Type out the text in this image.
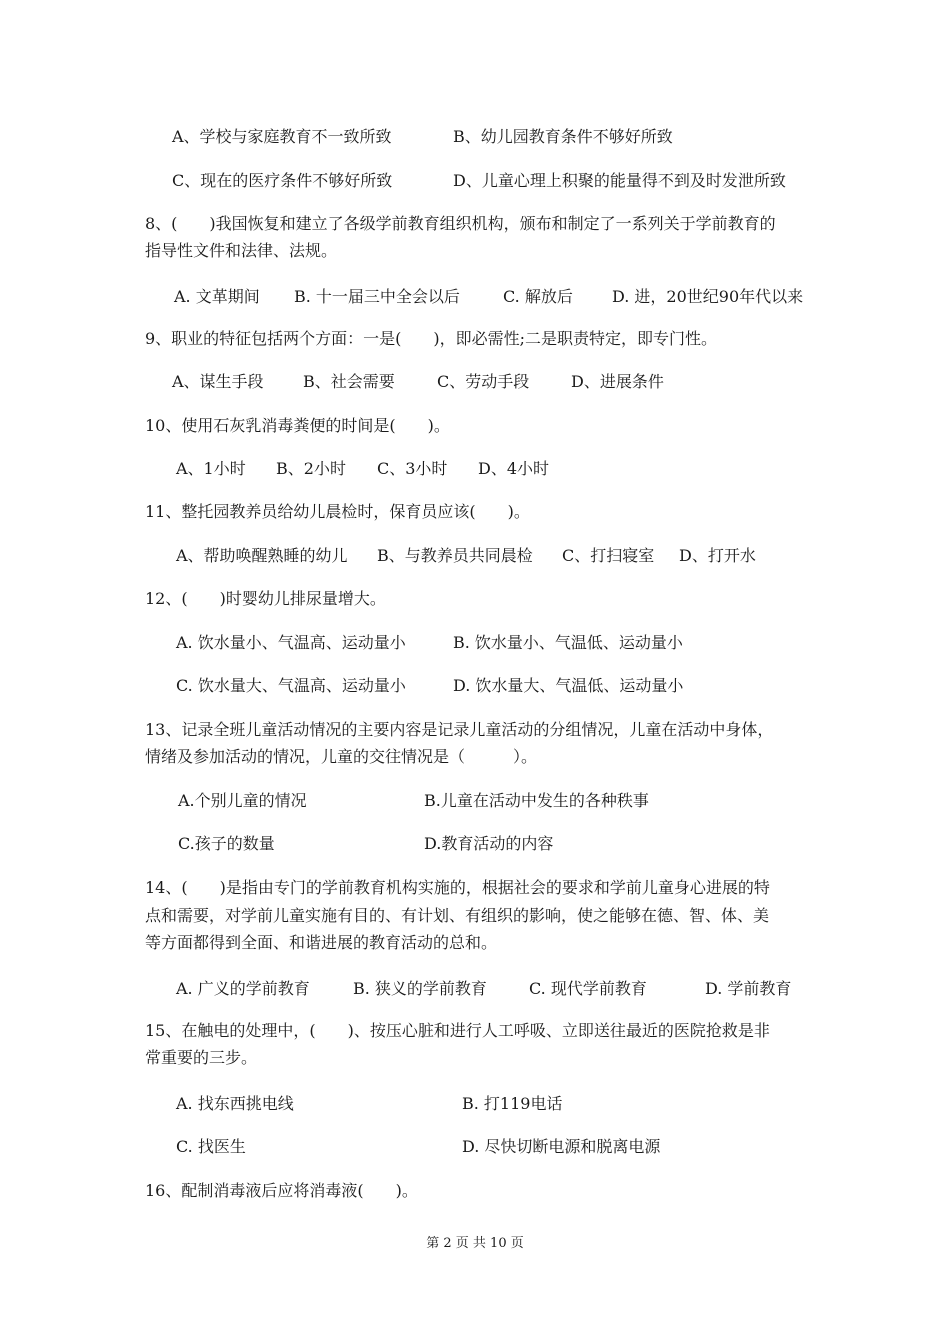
A、学校与家庭教育不一致所致	B、幼儿园教育条件不够好所致
C、现在的医疗条件不够好所致	D、儿童心理上积聚的能量得不到及时发泄所致
8、(　　)我国恢复和建立了各级学前教育组织机构，颁布和制定了一系列关于学前教育的
指导性文件和法律、法规。
A. 文革期间 B. 十一届三中全会以后	C. 解放后 D. 进，20世纪90年代以来
9、职业的特征包括两个方面：一是(　　)，即必需性;二是职责特定，即专门性。
A、谋生手段 B、社会需要	C、劳动手段	D、进展条件
10、使用石灰乳消毒粪便的时间是(　　)。
A、1小时 B、2小时 C、3小时 D、4小时
11、整托园教养员给幼儿晨检时，保育员应该(　　)。
A、帮助唤醒熟睡的幼儿 B、与教养员共同晨检 C、打扫寝室 D、打开水
12、(　　)时婴幼儿排尿量增大。
A. 饮水量小、气温高、运动量小	B. 饮水量小、气温低、运动量小
C. 饮水量大、气温高、运动量小	D. 饮水量大、气温低、运动量小
13、记录全班儿童活动情况的主要内容是记录儿童活动的分组情况，儿童在活动中身体，
情绪及参加活动的情况，儿童的交往情况是（　　　）。
A.个别儿童的情况	B.儿童在活动中发生的各种秩事
C.孩子的数量	D.教育活动的内容
14、(　　)是指由专门的学前教育机构实施的，根据社会的要求和学前儿童身心进展的特
点和需要，对学前儿童实施有目的、有计划、有组织的影响，使之能够在德、智、体、美
等方面都得到全面、和谐进展的教育活动的总和。
A. 广义的学前教育	B. 狭义的学前教育	C. 现代学前教育	D. 学前教育
15、在触电的处理中，(　　)、按压心脏和进行人工呼吸、立即送往最近的医院抢救是非
常重要的三步。
A. 找东西挑电线	B. 打119电话
C. 找医生	D. 尽快切断电源和脱离电源
16、配制消毒液后应将消毒液(　　)。
第 2 页 共 10 页
